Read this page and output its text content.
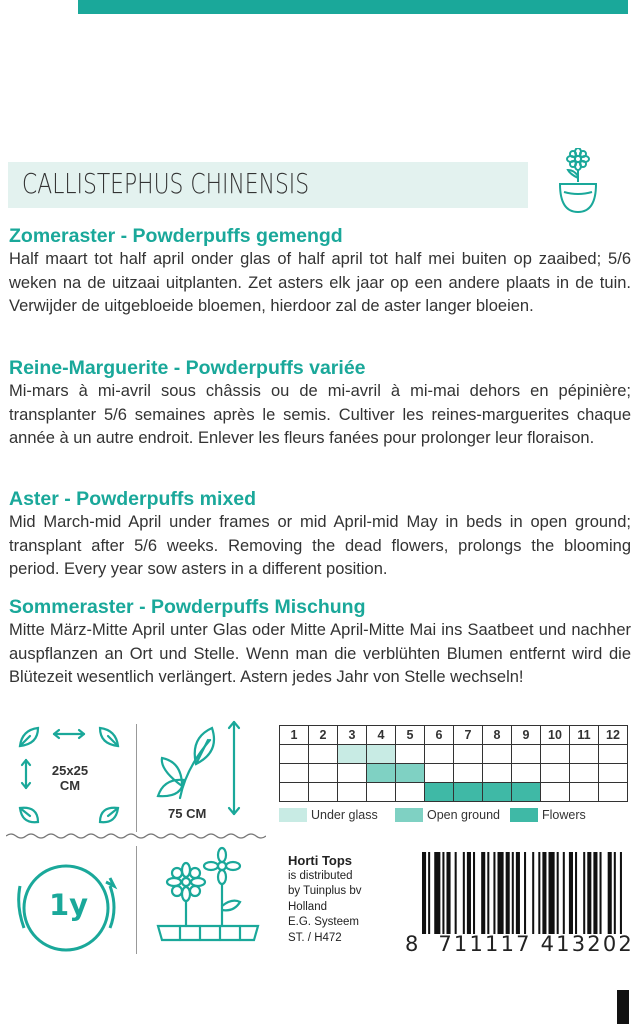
CALLISTEPHUS CHINENSIS
Zomeraster - Powderpuffs gemengd

Half maart tot half april onder glas of half april tot half mei buiten op zaaibed; 5/6 weken na de uitzaai uitplanten. Zet asters elk jaar op een andere plaats in de tuin. Verwijder de uitgebloeide bloemen, hierdoor zal de aster langer bloeien.

Reine-Marguerite - Powderpuffs variée

Mi-mars à mi-avril sous châssis ou de mi-avril à mi-mai dehors en pépinière; transplanter 5/6 semaines après le semis. Cultiver les reines-marguerites chaque année à un autre endroit. Enlever les fleurs fanées pour prolonger leur floraison.

Aster - Powderpuffs mixed

Mid March-mid April under frames or mid April-mid May in beds in open ground; transplant after 5/6 weeks. Removing the dead flowers, prolongs the blooming period. Every year sow asters in a different position.

Sommeraster - Powderpuffs Mischung

Mitte März-Mitte April unter Glas oder Mitte April-Mitte Mai ins Saatbeet und nachher auspflanzen an Ort und Stelle. Wenn man die verblühten Blumen entfernt wird die Blütezeit wesentlich verlängert. Astern jedes Jahr von Stelle wechseln!

25x25
CM
75 CM
1	2	3	4	5	6	7	8	9	10	11	12

Under glass	Open ground	Flowers
1y
Horti Tops
is distributed
by Tuinplus bv
Holland
E.G. Systeem
ST. / H472	8 711117 413202
